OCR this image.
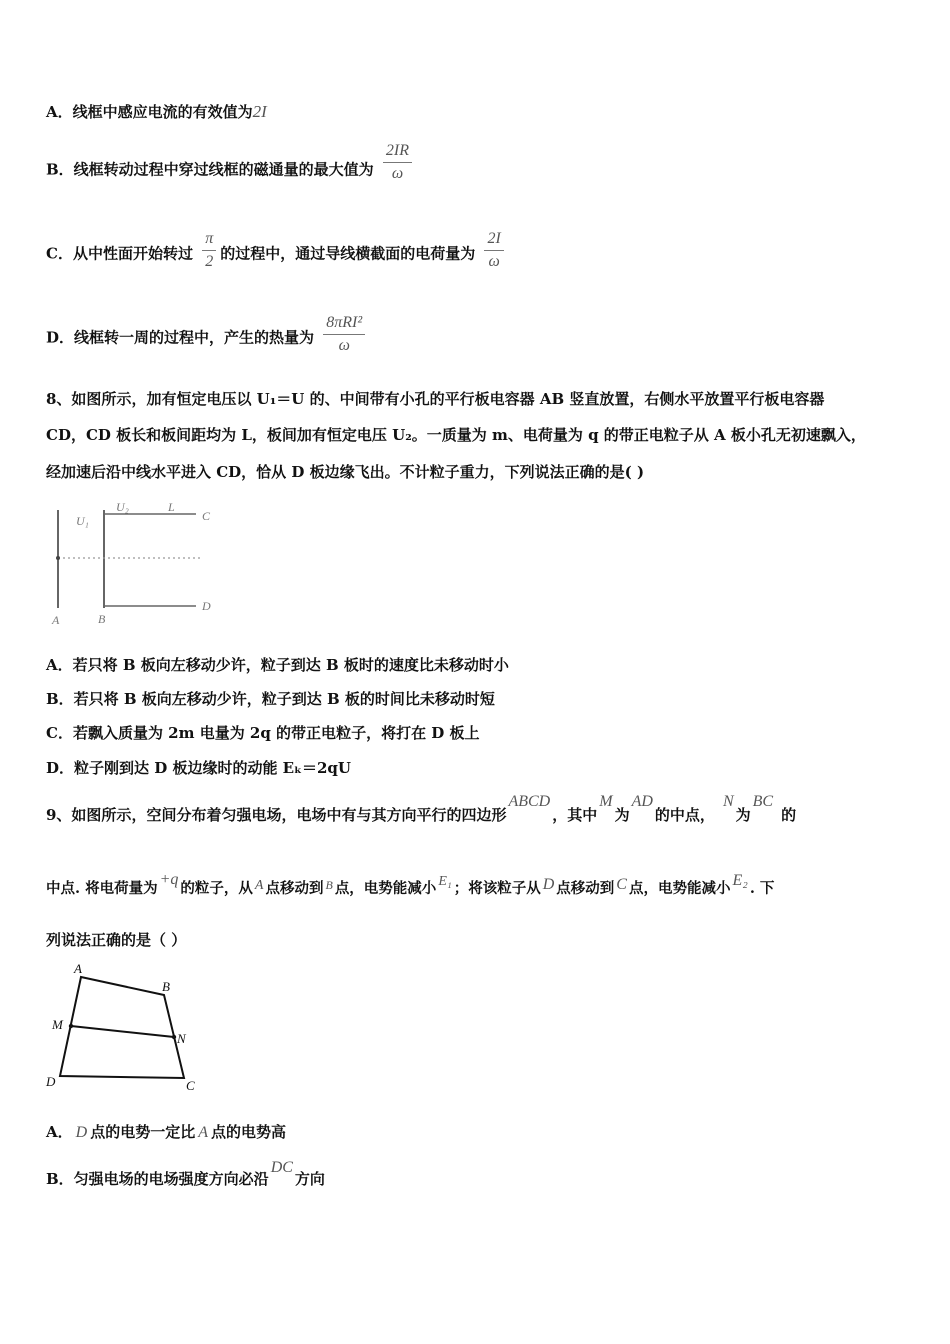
A．线框中感应电流的有效值为2I
B．线框转动过程中穿过线框的磁通量的最大值为 $\frac{2IR}{\omega}$
C．从中性面开始转过 $\frac{\pi}{2}$ 的过程中，通过导线横截面的电荷量为 $\frac{2I}{\omega}$
D．线框转一周的过程中，产生的热量为 $\frac{\text{8πRI²}}{\omega}$
8、如图所示，加有恒定电压以 U₁＝U 的、中间带有小孔的平行板电容器 AB 竖直放置，右侧水平放置平行板电容器
CD，CD 板长和板间距均为 L，板间加有恒定电压 U₂。一质量为 m、电荷量为 q 的带正电粒子从 A 板小孔无初速飘入，
经加速后沿中线水平进入 CD，恰从 D 板边缘飞出。不计粒子重力，下列说法正确的是( )
U₁
U₂	L
C
D
A	B
A．若只将 B 板向左移动少许，粒子到达 B 板时的速度比未移动时小
B．若只将 B 板向左移动少许，粒子到达 B 板的时间比未移动时短
C．若飘入质量为 2m 电量为 2q 的带正电粒子，将打在 D 板上
D．粒子刚到达 D 板边缘时的动能 Eₖ＝2qU
9、如图所示，空间分布着匀强电场，电场中有与其方向平行的四边形ABCD，其中M为AD的中点，N为BC的
中点. 将电荷量为+q的粒子，从 A 点移动到 B 点，电势能减小 E₁ ；将该粒子从 D 点移动到 C 点，电势能减小 E₂ . 下
列说法正确的是（ ）
A
B
M
N
D	C
A． D 点的电势一定比 A 点的电势高
B．匀强电场的电场强度方向必沿DC方向
